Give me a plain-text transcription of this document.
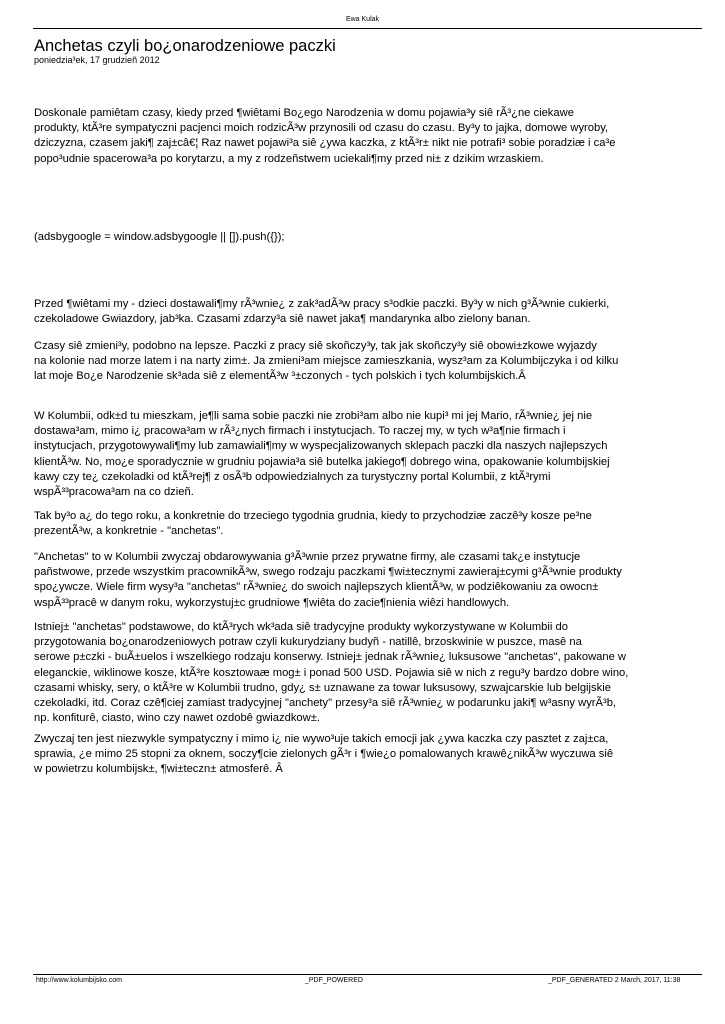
Ewa Kulak
Anchetas czyli bo¿onarodzeniowe paczki
poniedzia³ek, 17 grudzieñ 2012
Doskonale pamiêtam czasy, kiedy przed ¶wiêtami Bo¿ego Narodzenia w domu pojawia³y siê rÃ³¿ne ciekawe
produkty, ktÃ³re sympatyczni pacjenci moich rodzicÃ³w przynosili od czasu do czasu. By³y to jajka, domowe wyroby,
dziczyzna, czasem jaki¶ zaj±câ€¦ Raz nawet pojawi³a siê ¿ywa kaczka, z ktÃ³r± nikt nie potrafi³ sobie poradziæ i ca³e
popo³udnie spacerowa³a po korytarzu, a my z rodzeñstwem uciekali¶my przed ni± z dzikim wrzaskiem.
(adsbygoogle = window.adsbygoogle || []).push({});
Przed ¶wiêtami my - dzieci dostawali¶my rÃ³wnie¿ z zak³adÃ³w pracy s³odkie paczki. By³y w nich g³Ã³wnie cukierki,
czekoladowe Gwiazdory, jab³ka. Czasami zdarzy³a siê nawet jaka¶ mandarynka albo zielony banan.
Czasy siê zmieni³y, podobno na lepsze. Paczki z pracy siê skoñczy³y, tak jak skoñczy³y siê obowi±zkowe wyjazdy
na kolonie nad morze latem i na narty zim±. Ja zmieni³am miejsce zamieszkania, wysz³am za Kolumbijczyka i od kilku
lat moje Bo¿e Narodzenie sk³ada siê z elementÃ³w ³±czonych - tych polskich i tych kolumbijskich.Â
W Kolumbii, odk±d tu mieszkam, je¶li sama sobie paczki nie zrobi³am albo nie kupi³ mi jej Mario, rÃ³wnie¿ jej nie
dostawa³am, mimo i¿ pracowa³am w rÃ³¿nych firmach i instytucjach. To raczej my, w tych w³a¶nie firmach i
instytucjach, przygotowywali¶my lub zamawiali¶my w wyspecjalizowanych sklepach paczki dla naszych najlepszych
klientÃ³w. No, mo¿e sporadycznie w grudniu pojawia³a siê butelka jakiego¶ dobrego wina, opakowanie kolumbijskiej
kawy czy te¿ czekoladki od ktÃ³rej¶ z osÃ³b odpowiedzialnych za turystyczny portal Kolumbii, z ktÃ³rymi
wspÃ³³pracowa³am na co dzieñ.
Tak by³o a¿ do tego roku, a konkretnie do trzeciego tygodnia grudnia, kiedy to przychodziæ zaczê³y kosze pe³ne
prezentÃ³w, a konkretnie - "anchetas".
"Anchetas" to w Kolumbii zwyczaj obdarowywania g³Ã³wnie przez prywatne firmy, ale czasami tak¿e instytucje
pañstwowe, przede wszystkim pracownikÃ³w, swego rodzaju paczkami ¶wi±tecznymi zawieraj±cymi g³Ã³wnie produkty
spo¿ywcze. Wiele firm wysy³a "anchetas" rÃ³wnie¿ do swoich najlepszych klientÃ³w, w podziêkowaniu za owocn±
wspÃ³³pracê w danym roku, wykorzystuj±c grudniowe ¶wiêta do zacie¶nienia wiêzi handlowych.
Istniej± "anchetas" podstawowe, do ktÃ³rych wk³ada siê tradycyjne produkty wykorzystywane w Kolumbii do
przygotowania bo¿onarodzeniowych potraw czyli kukurydziany budyñ - natillê, brzoskwinie w puszce, masê na
serowe p±czki - buÃ±uelos i wszelkiego rodzaju konserwy. Istniej± jednak rÃ³wnie¿ luksusowe "anchetas", pakowane w
eleganckie, wiklinowe kosze, ktÃ³re kosztowaæ mog± i ponad 500 USD. Pojawia siê w nich z regu³y bardzo dobre wino,
czasami whisky, sery, o ktÃ³re w Kolumbii trudno, gdy¿ s± uznawane za towar luksusowy, szwajcarskie lub belgijskie
czekoladki, itd. Coraz czê¶ciej zamiast tradycyjnej "anchety" przesy³a siê rÃ³wnie¿ w podarunku jaki¶ w³asny wyrÃ³b,
np. konfiturê, ciasto, wino czy nawet ozdobê gwiazdkow±.
Zwyczaj ten jest niezwykle sympatyczny i mimo i¿ nie wywo³uje takich emocji jak ¿ywa kaczka czy pasztet z zaj±ca,
sprawia, ¿e mimo 25 stopni za oknem, soczy¶cie zielonych gÃ³r i ¶wie¿o pomalowanych krawê¿nikÃ³w wyczuwa siê
w powietrzu kolumbijsk±, ¶wi±teczn± atmosferê. Â
http://www.kolumbijsko.com	_PDF_POWERED	_PDF_GENERATED 2 March, 2017, 11:38
